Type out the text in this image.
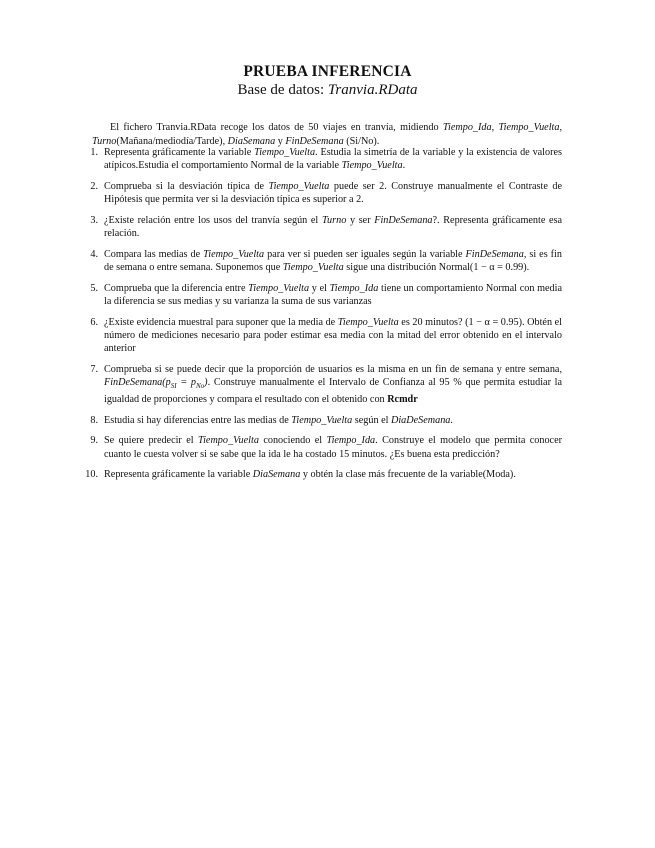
PRUEBA INFERENCIA
Base de datos: Tranvia.RData

El fichero Tranvia.RData recoge los datos de 50 viajes en tranvía, midiendo Tiempo_Ida, Tiempo_Vuelta, Turno(Mañana/mediodía/Tarde), DiaSemana y FinDeSemana (Si/No).

1. Representa gráficamente la variable Tiempo_Vuelta. Estudia la simetría de la variable y la existencia de valores atípicos.Estudia el comportamiento Normal de la variable Tiempo_Vuelta.
2. Comprueba si la desviación típica de Tiempo_Vuelta puede ser 2. Construye manualmente el Contraste de Hipótesis que permita ver si la desviación típica es superior a 2.
3. ¿Existe relación entre los usos del tranvía según el Turno y ser FinDeSemana?. Representa gráficamente esa relación.
4. Compara las medias de Tiempo_Vuelta para ver si pueden ser iguales según la variable FinDeSemana, si es fin de semana o entre semana. Suponemos que Tiempo_Vuelta sigue una distribución Normal(1 − α = 0.99).
5. Comprueba que la diferencia entre Tiempo_Vuelta y el Tiempo_Ida tiene un comportamiento Normal con media la diferencia se sus medias y su varianza la suma de sus varianzas
6. ¿Existe evidencia muestral para suponer que la media de Tiempo_Vuelta es 20 minutos? (1 − α = 0.95). Obtén el número de mediciones necesario para poder estimar esa media con la mitad del error obtenido en el intervalo anterior
7. Comprueba si se puede decir que la proporción de usuarios es la misma en un fin de semana y entre semana, $FinDeSemana(p_{SI} = p_{No})$. Construye manualmente el Intervalo de Confianza al 95 % que permita estudiar la igualdad de proporciones y compara el resultado con el obtenido con Rcmdr
8. Estudia si hay diferencias entre las medias de Tiempo_Vuelta según el DiaDeSemana.
9. Se quiere predecir el Tiempo_Vuelta conociendo el Tiempo_Ida. Construye el modelo que permita conocer cuanto le cuesta volver si se sabe que la ida le ha costado 15 minutos. ¿Es buena esta predicción?
10. Representa gráficamente la variable DiaSemana y obtén la clase más frecuente de la variable(Moda).
